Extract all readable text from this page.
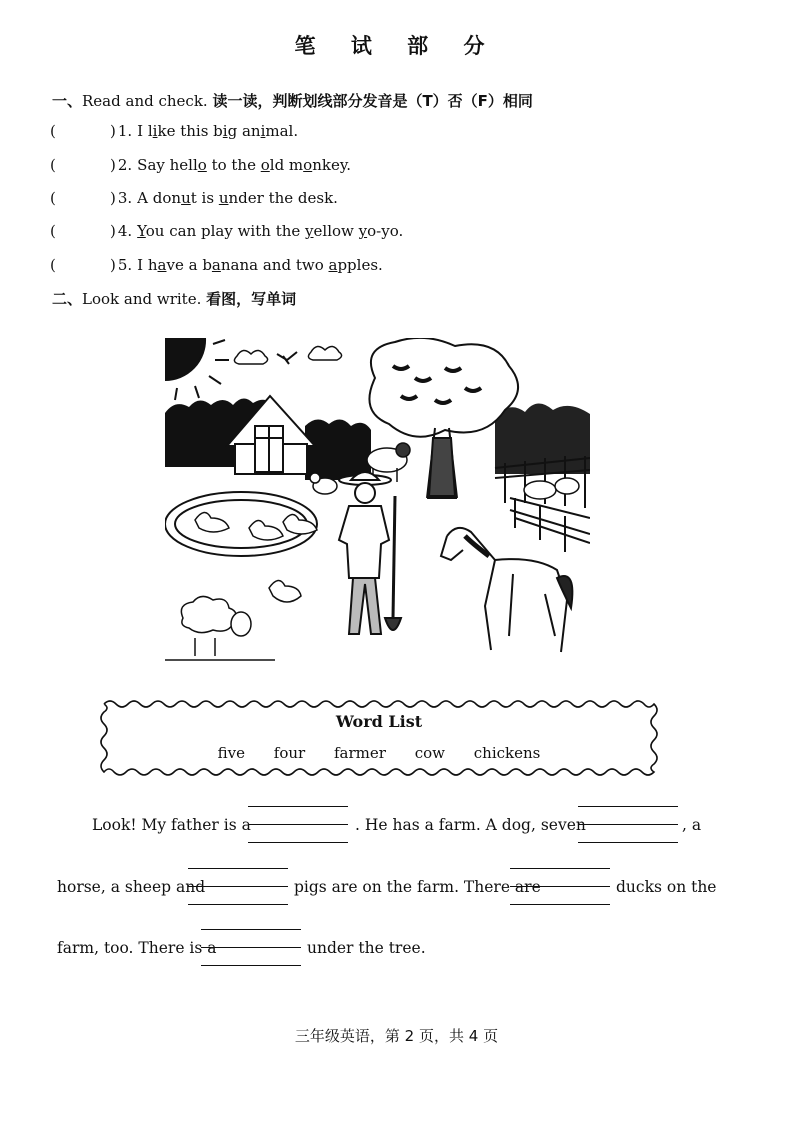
笔 试 部 分
一、Read and check. 读一读，判断划线部分发音是（T）否（F）相同
(	) 1. I like this big animal.
(	) 2. Say hello to the old monkey.
(	) 3. A donut is under the desk.
(	) 4. You can play with the yellow yo-yo.
(	) 5. I have a banana and two apples.
二、Look and write. 看图，写单词
Word List
five four farmer cow chickens
Look! My father is a	. He has a farm. A dog, seven	, a
horse, a sheep and	pigs are on the farm. There are	ducks on the
farm, too. There is a	under the tree.
三年级英语，第 2 页，共 4 页
